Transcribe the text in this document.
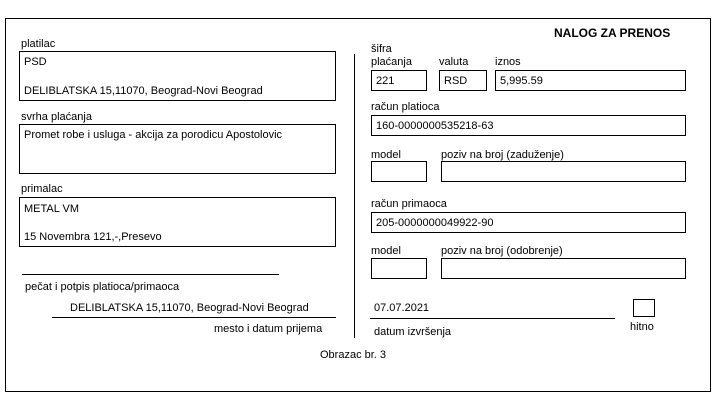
NALOG ZA PRENOS
platilac
PSD
DELIBLATSKA 15,11070, Beograd-Novi Beograd
svrha plaćanja
Promet robe i usluga - akcija za porodicu Apostolovic
primalac
METAL VM
15 Novembra 121,-,Presevo
pečat i potpis platioca/primaoca
DELIBLATSKA 15,11070, Beograd-Novi Beograd
mesto i datum prijema
šifra
plaćanja valuta iznos
221	RSD	5,995.59
račun platioca
160-0000000535218-63
model	poziv na broj (zaduženje)
račun primaoca
205-0000000049922-90
model	poziv na broj (odobrenje)
07.07.2021
datum izvršenja	hitno
Obrazac br. 3
